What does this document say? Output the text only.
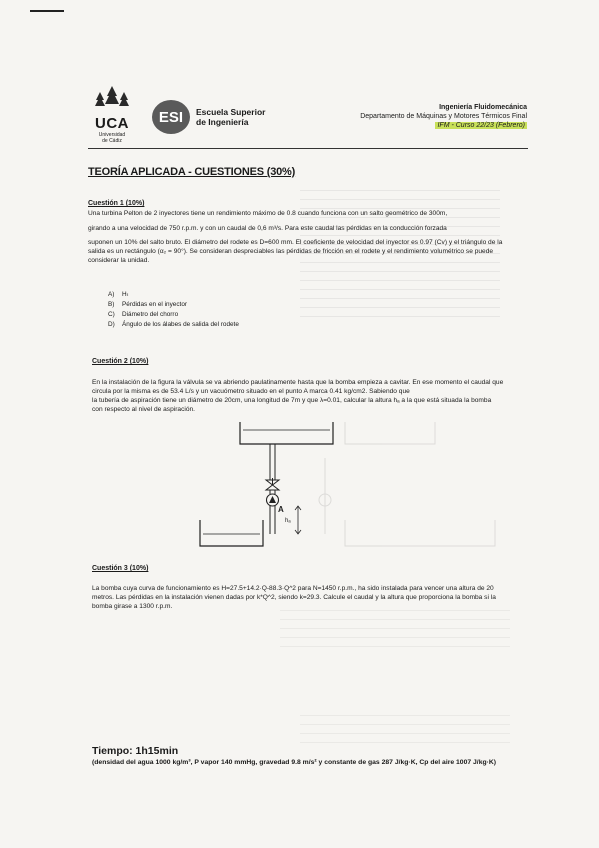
UCA
Universidad
de Cádiz
ESI	Escuela Superior
de Ingeniería
Ingeniería Fluidomecánica
Departamento de Máquinas y Motores Térmicos Final
IFM - Curso 22/23 (Febrero)
TEORÍA APLICADA - CUESTIONES (30%)
Cuestión 1 (10%)
Una turbina Pelton de 2 inyectores tiene un rendimiento máximo de 0.8 cuando funciona con un salto geométrico de 300m,
girando a una velocidad de 750 r.p.m. y con un caudal de 0,6 m³/s. Para este caudal las pérdidas en la conducción forzada
suponen un 10% del salto bruto. El diámetro del rodete es D=600 mm. El coeficiente de velocidad del inyector es 0.97 (Cv) y el triángulo de la
salida es un rectángulo (α₂ = 90°). Se consideran despreciables las pérdidas de fricción en el rodete y el rendimiento volumétrico se puede
considerar la unidad.
A) Hₜ
B) Pérdidas en el inyector
C) Diámetro del chorro
D) Ángulo de los álabes de salida del rodete
Cuestión 2 (10%)
En la instalación de la figura la válvula se va abriendo paulatinamente hasta que la bomba empieza a cavitar. En ese momento el caudal que
circula por la misma es de 53.4 L/s y un vacuómetro situado en el punto A marca 0.41 kg/cm2. Sabiendo que
la tubería de aspiración tiene un diámetro de 20cm, una longitud de 7m y que λ=0.01, calcular la altura hₐ a la que está situada la bomba
con respecto al nivel de aspiración.
A
hₐ
Cuestión 3 (10%)
La bomba cuya curva de funcionamiento es H=27.5+14.2·Q-88.3·Q^2 para N=1450 r.p.m., ha sido instalada para vencer una altura de 20
metros. Las pérdidas en la instalación vienen dadas por k*Q^2, siendo k=29.3. Calcule el caudal y la altura que proporciona la bomba si la
bomba girase a 1300 r.p.m.
Tiempo: 1h15min
(densidad del agua 1000 kg/m³, P vapor 140 mmHg, gravedad 9.8 m/s² y constante de gas 287 J/kg·K, Cp del aire 1007 J/kg·K)
